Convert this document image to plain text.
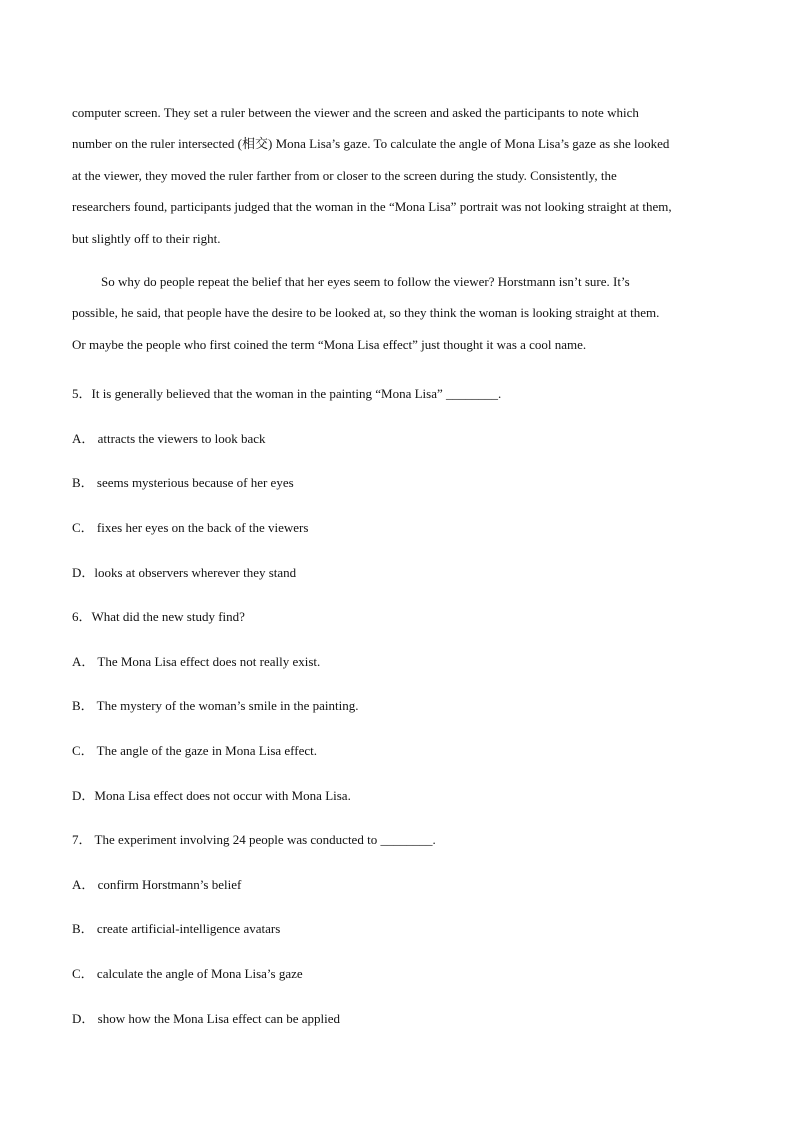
computer screen. They set a ruler between the viewer and the screen and asked the participants to note which

number on the ruler intersected (相交) Mona Lisa’s gaze. To calculate the angle of Mona Lisa’s gaze as she looked

at the viewer, they moved the ruler farther from or closer to the screen during the study. Consistently, the

researchers found, participants judged that the woman in the “Mona Lisa” portrait was not looking straight at them,

but slightly off to their right.

So why do people repeat the belief that her eyes seem to follow the viewer? Horstmann isn’t sure. It’s

possible, he said, that people have the desire to be looked at, so they think the woman is looking straight at them.

Or maybe the people who first coined the term “Mona Lisa effect” just thought it was a cool name.

5．It is generally believed that the woman in the painting “Mona Lisa” ________.

A． attracts the viewers to look back

B． seems mysterious because of her eyes

C． fixes her eyes on the back of the viewers

D．looks at observers wherever they stand

6．What did the new study find?

A． The Mona Lisa effect does not really exist.

B． The mystery of the woman’s smile in the painting.

C． The angle of the gaze in Mona Lisa effect.

D．Mona Lisa effect does not occur with Mona Lisa.

7． The experiment involving 24 people was conducted to ________.

A． confirm Horstmann’s belief

B． create artificial-intelligence avatars

C． calculate the angle of Mona Lisa’s gaze

D． show how the Mona Lisa effect can be applied
